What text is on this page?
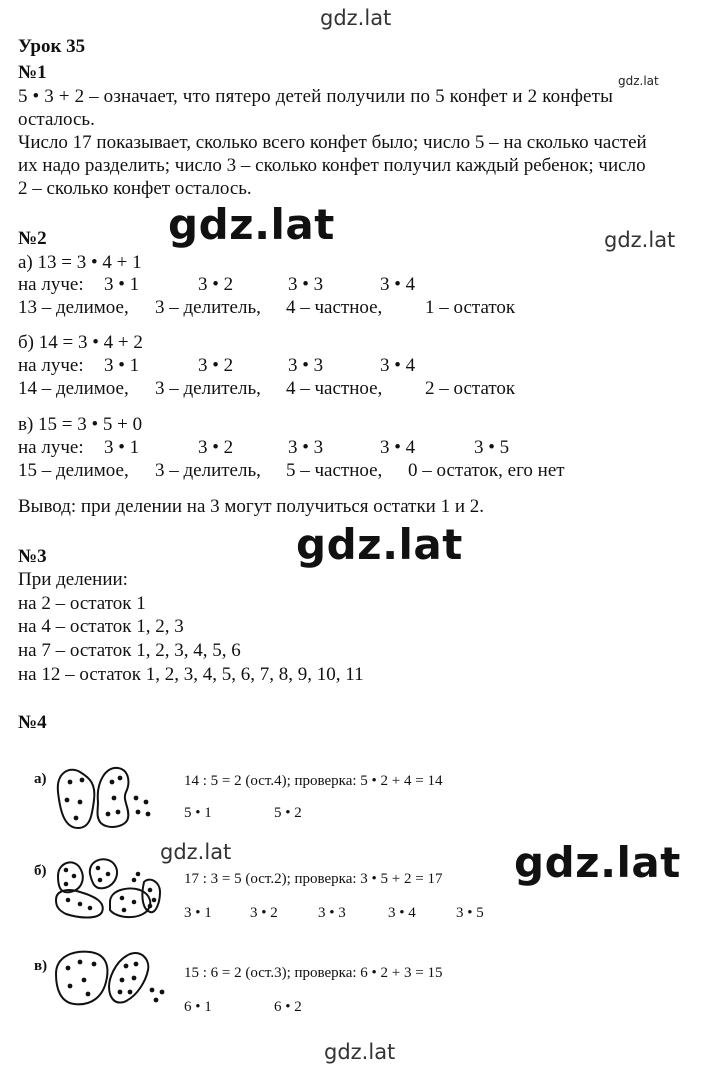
gdz.lat
gdz.lat
gdz.lat	gdz.lat
gdz.lat
gdz.lat	gdz.lat
gdz.lat
Урок 35
№1
5 • 3 + 2 – означает, что пятеро детей получили по 5 конфет и 2 конфеты
осталось.
Число 17 показывает, сколько всего конфет было; число 5 – на сколько частей
их надо разделить; число 3 – сколько конфет получил каждый ребенок; число
2 – сколько конфет осталось.
№2
а) 13 = 3 • 4 + 1
на луче: 3 • 1	3 • 2	3 • 3	3 • 4
13 – делимое, 3 – делитель, 4 – частное, 1 – остаток
б) 14 = 3 • 4 + 2
на луче: 3 • 1	3 • 2	3 • 3	3 • 4
14 – делимое, 3 – делитель, 4 – частное, 2 – остаток
в) 15 = 3 • 5 + 0
на луче: 3 • 1	3 • 2	3 • 3	3 • 4	3 • 5
15 – делимое, 3 – делитель, 5 – частное, 0 – остаток, его нет
Вывод: при делении на 3 могут получиться остатки 1 и 2.
№3
При делении:
на 2 – остаток 1
на 4 – остаток 1, 2, 3
на 7 – остаток 1, 2, 3, 4, 5, 6
на 12 – остаток 1, 2, 3, 4, 5, 6, 7, 8, 9, 10, 11
№4
а)	14 : 5 = 2 (ост.4); проверка: 5 • 2 + 4 = 14
5 • 1	5 • 2
б)	17 : 3 = 5 (ост.2); проверка: 3 • 5 + 2 = 17
3 • 1	3 • 2	3 • 3	3 • 4	3 • 5
в)	15 : 6 = 2 (ост.3); проверка: 6 • 2 + 3 = 15
6 • 1	6 • 2
